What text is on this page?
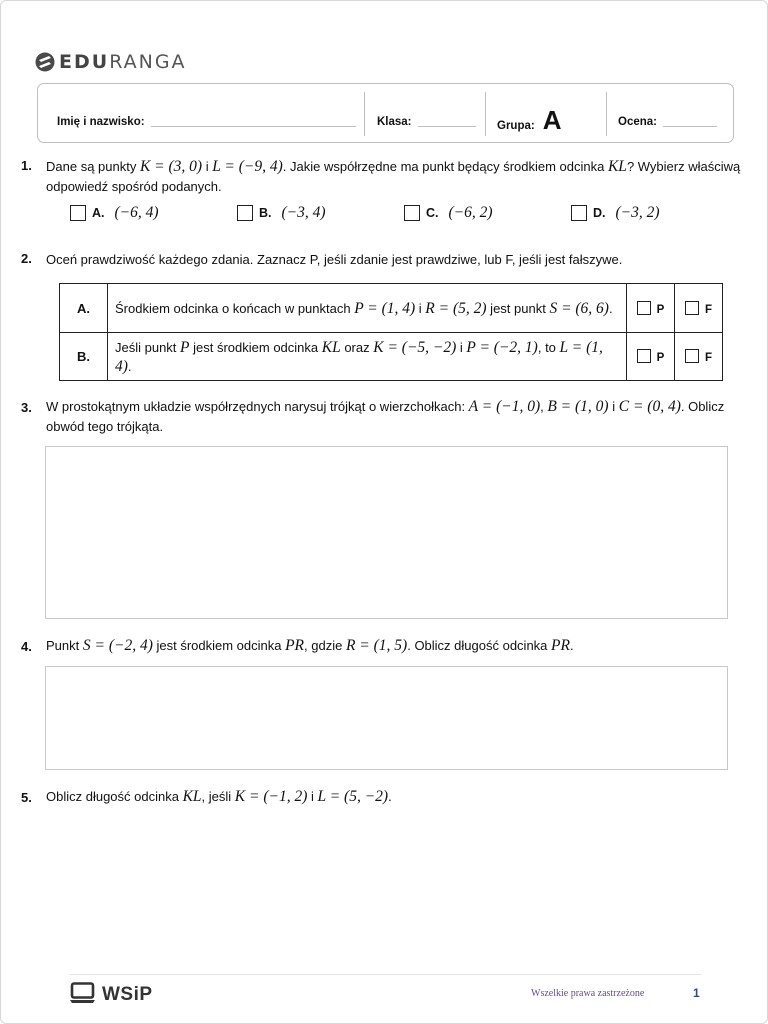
EDURANGA
Imię i nazwisko:	Klasa:	Grupa: A	Ocena:
1. Dane są punkty K = (3, 0) i L = (−9, 4). Jakie współrzędne ma punkt będący środkiem odcinka KL? Wybierz właściwą odpowiedź spośród podanych.
A. (−6, 4)	B. (−3, 4)	C. (−6, 2)	D. (−3, 2)
2. Oceń prawdziwość każdego zdania. Zaznacz P, jeśli zdanie jest prawdziwe, lub F, jeśli jest fałszywe.
A.	Środkiem odcinka o końcach w punktach P = (1, 4) i R = (5, 2) jest punkt S = (6, 6).	P	F
B.	Jeśli punkt P jest środkiem odcinka KL oraz K = (−5, −2) i P = (−2, 1), to L = (1, 4).	P	F
3. W prostokątnym układzie współrzędnych narysuj trójkąt o wierzchołkach: A = (−1, 0), B = (1, 0) i C = (0, 4). Oblicz obwód tego trójkąta.
4. Punkt S = (−2, 4) jest środkiem odcinka PR, gdzie R = (1, 5). Oblicz długość odcinka PR.
5. Oblicz długość odcinka KL, jeśli K = (−1, 2) i L = (5, −2).
WSiP	Wszelkie prawa zastrzeżone	1
